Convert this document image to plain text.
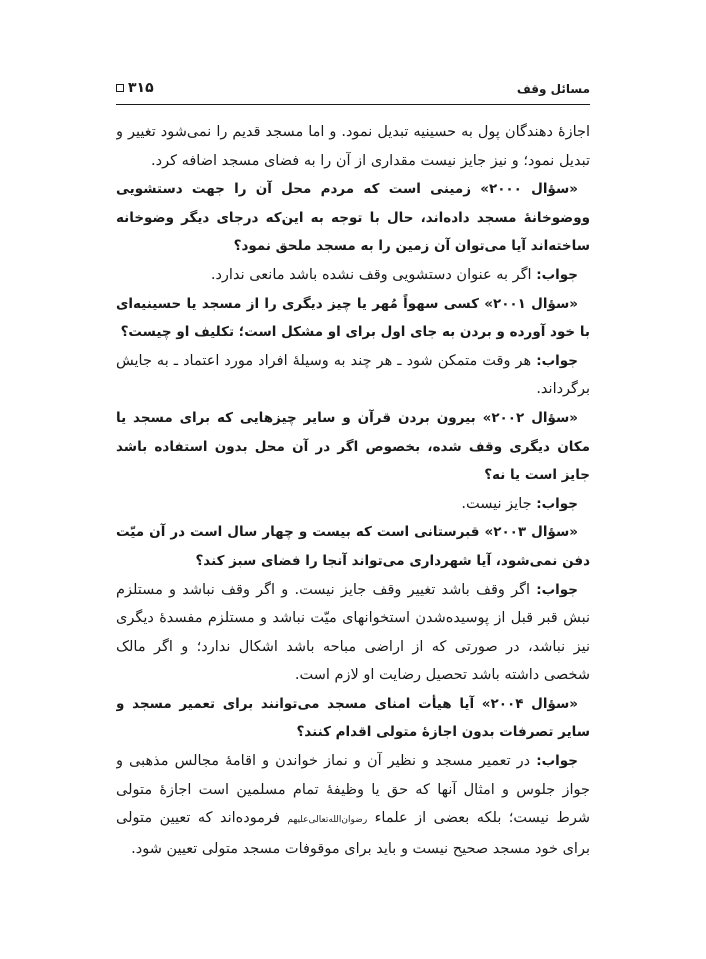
مسائل وقف
۳۱۵

اجازهٔ دهندگان پول به حسینیه تبدیل نمود. و اما مسجد قدیم را نمی‌شود تغییر و تبدیل نمود؛ و نیز جایز نیست مقداری از آن را به فضای مسجد اضافه کرد.

«سؤال ۲۰۰۰» زمینی است که مردم محل آن را جهت دستشویی ووضوخانهٔ مسجد داده‌اند، حال با توجه به این‌که درجای دیگر وضوخانه ساخته‌اند آیا می‌توان آن زمین را به مسجد ملحق نمود؟

جواب: اگر به عنوان دستشویی وقف نشده باشد مانعی ندارد.

«سؤال ۲۰۰۱» کسی سهواً مُهر یا چیز دیگری را از مسجد یا حسینیه‌ای با خود آورده و بردن به جای اول برای او مشکل است؛ تکلیف او چیست؟

جواب: هر وقت متمکن شود ـ هر چند به وسیلهٔ افراد مورد اعتماد ـ به جایش برگرداند.

«سؤال ۲۰۰۲» بیرون بردن قرآن و سایر چیزهایی که برای مسجد یا مکان دیگری وقف شده، بخصوص اگر در آن محل بدون استفاده باشد جایز است یا نه؟

جواب: جایز نیست.

«سؤال ۲۰۰۳» قبرستانی است که بیست و چهار سال است در آن میّت دفن نمی‌شود، آیا شهرداری می‌تواند آنجا را فضای سبز کند؟

جواب: اگر وقف باشد تغییر وقف جایز نیست. و اگر وقف نباشد و مستلزم نبش قبر قبل از پوسیده‌شدن استخوانهای میّت نباشد و مستلزم مفسدهٔ دیگری نیز نباشد، در صورتی که از اراضی مباحه باشد اشکال ندارد؛ و اگر مالک شخصی داشته باشد تحصیل رضایت او لازم است.

«سؤال ۲۰۰۴» آیا هیأت امنای مسجد می‌توانند برای تعمیر مسجد و سایر تصرفات بدون اجازهٔ متولی اقدام کنند؟

جواب: در تعمیر مسجد و نظیر آن و نماز خواندن و اقامهٔ مجالس مذهبی و جواز جلوس و امثال آنها که حق یا وظیفهٔ تمام مسلمین است اجازهٔ متولی شرط نیست؛ بلکه بعضی از علماء رضوان‌الله‌تعالی‌علیهم فرموده‌اند که تعیین متولی برای خود مسجد صحیح نیست و باید برای موقوفات مسجد متولی تعیین شود.
